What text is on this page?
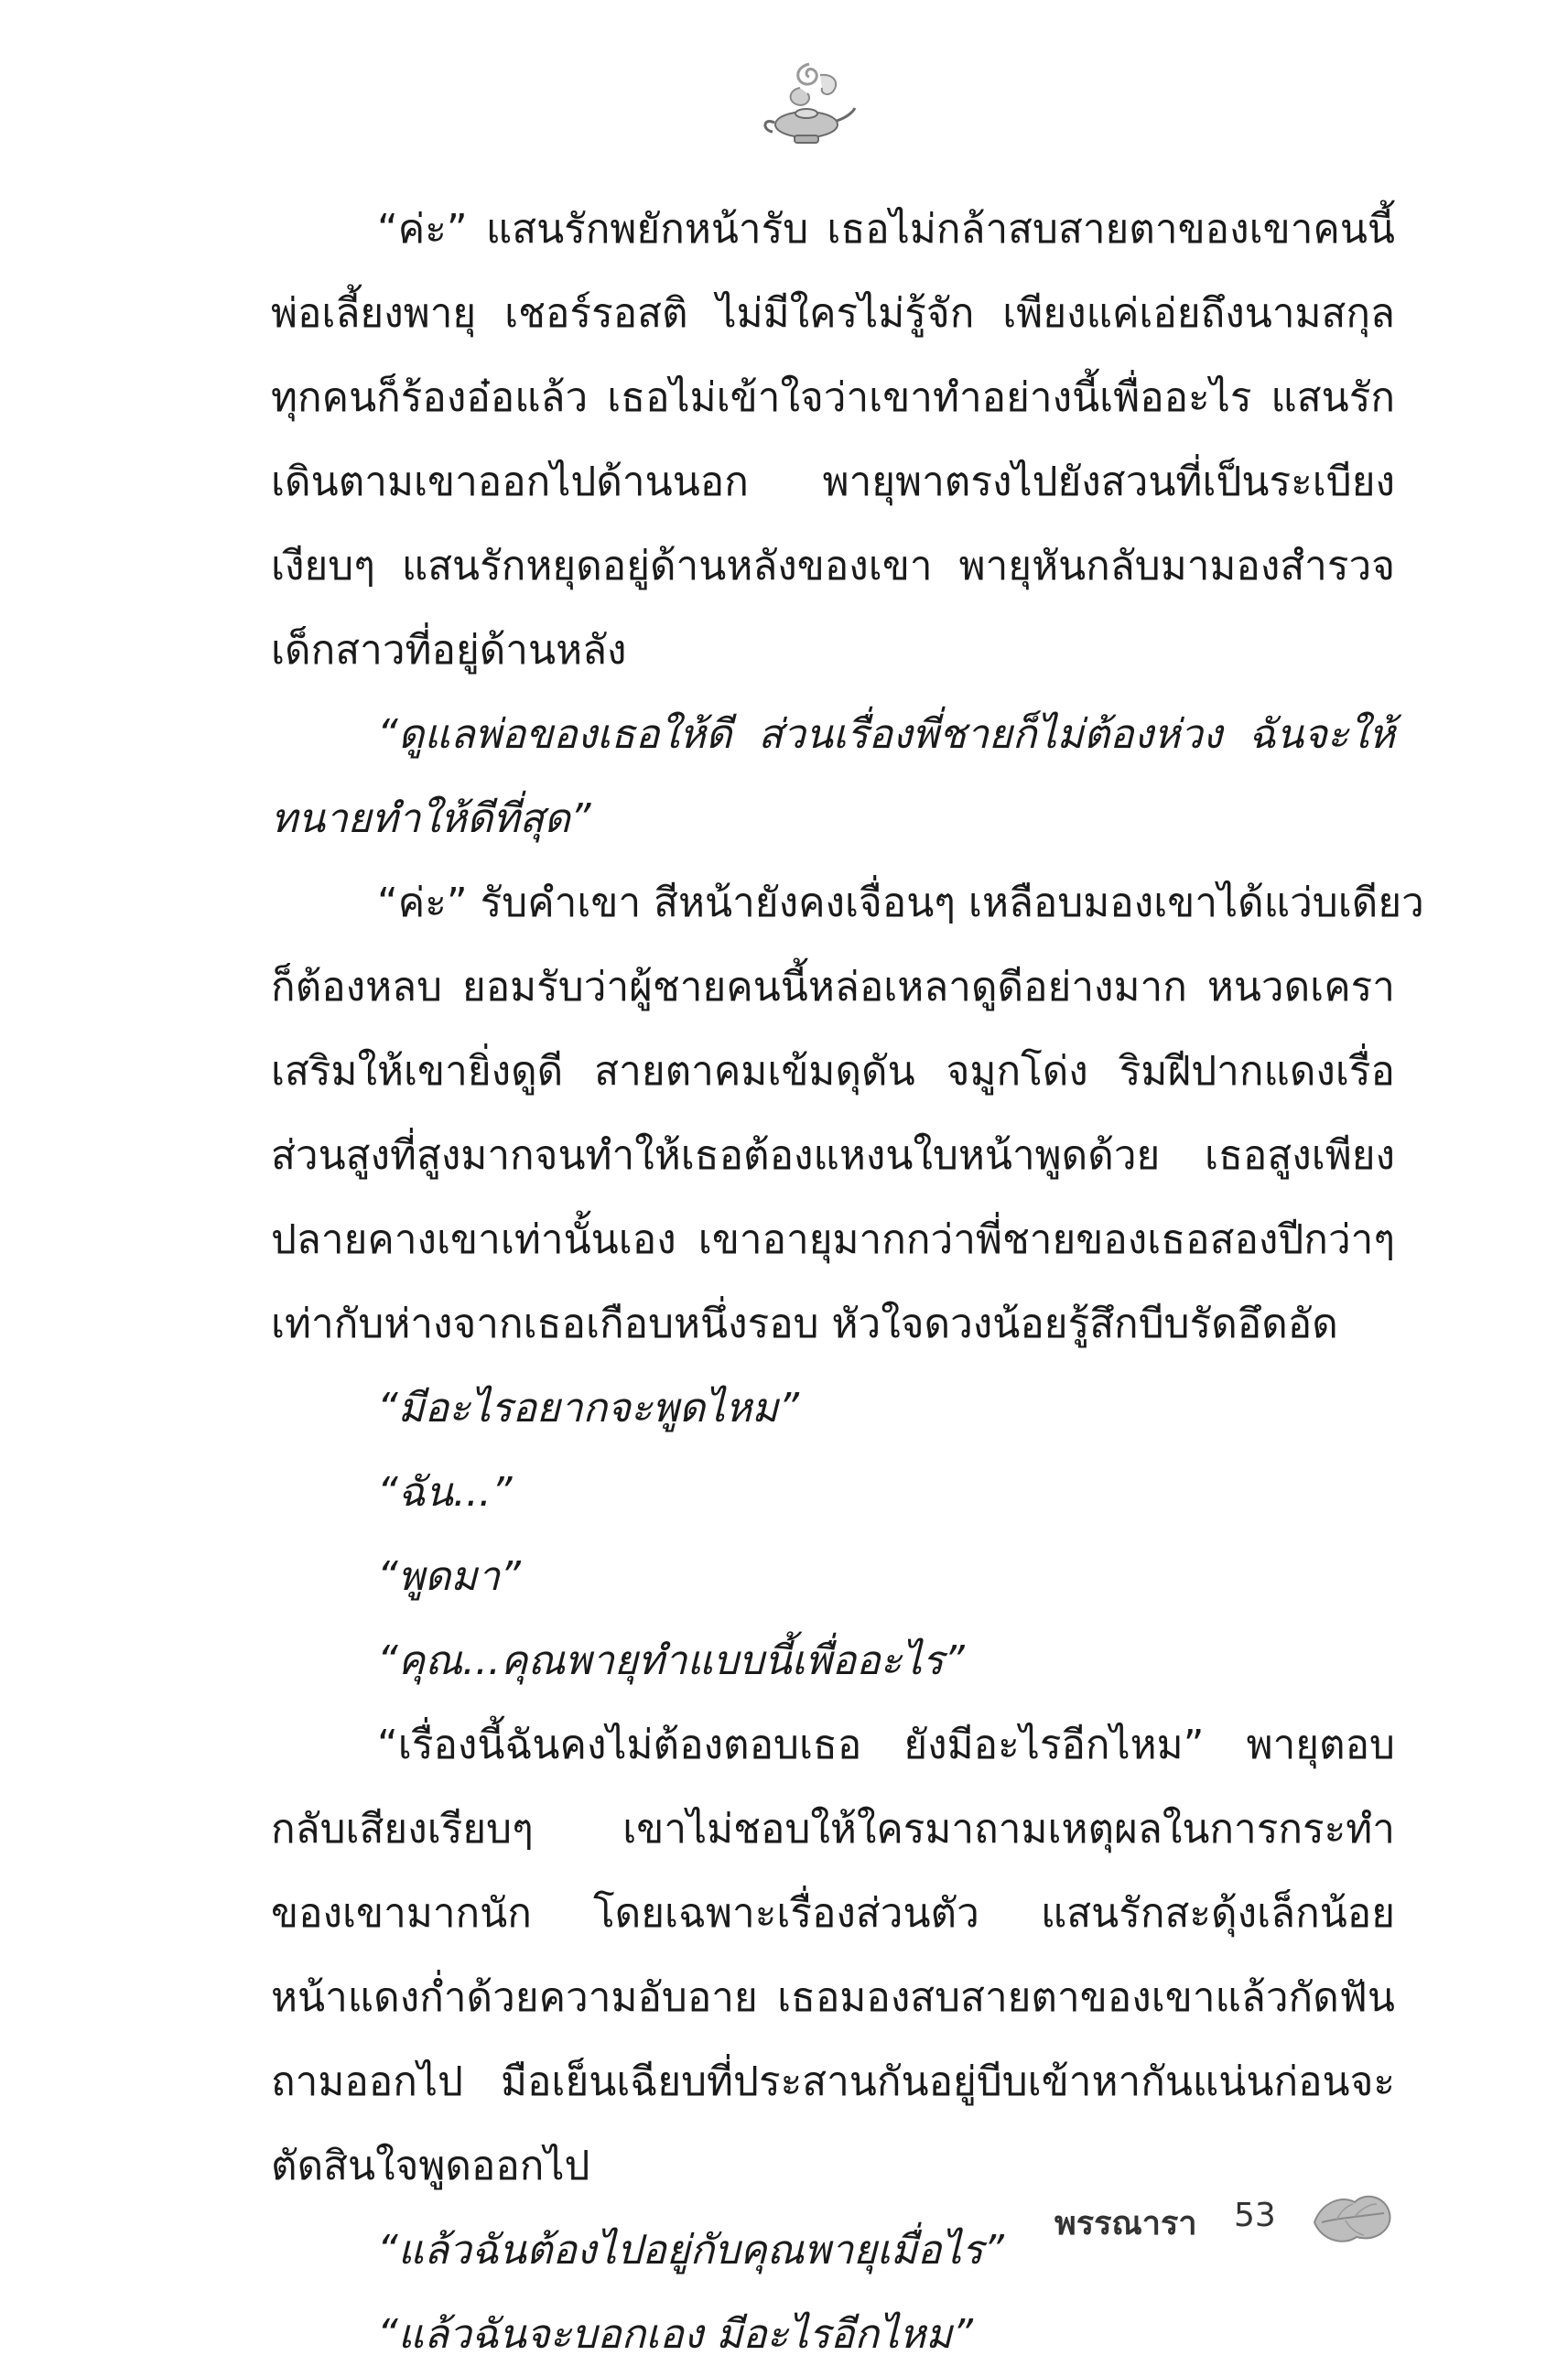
“ค่ะ” แสนรักพยักหน้ารับ เธอไม่กล้าสบสายตาของเขาคนนี้
พ่อเลี้ยงพายุ เชอร์รอสติ ไม่มีใครไม่รู้จัก เพียงแค่เอ่ยถึงนามสกุล
ทุกคนก็ร้องอ๋อแล้ว เธอไม่เข้าใจว่าเขาทำอย่างนี้เพื่ออะไร แสนรัก
เดินตามเขาออกไปด้านนอก พายุพาตรงไปยังสวนที่เป็นระเบียง
เงียบๆ แสนรักหยุดอยู่ด้านหลังของเขา พายุหันกลับมามองสำรวจ
เด็กสาวที่อยู่ด้านหลัง
“ดูแลพ่อของเธอให้ดี ส่วนเรื่องพี่ชายก็ไม่ต้องห่วง ฉันจะให้
ทนายทำให้ดีที่สุด”
“ค่ะ” รับคำเขา สีหน้ายังคงเจื่อนๆ เหลือบมองเขาได้แว่บเดียว
ก็ต้องหลบ ยอมรับว่าผู้ชายคนนี้หล่อเหลาดูดีอย่างมาก หนวดเครา
เสริมให้เขายิ่งดูดี สายตาคมเข้มดุดัน จมูกโด่ง ริมฝีปากแดงเรื่อ
ส่วนสูงที่สูงมากจนทำให้เธอต้องแหงนใบหน้าพูดด้วย เธอสูงเพียง
ปลายคางเขาเท่านั้นเอง เขาอายุมากกว่าพี่ชายของเธอสองปีกว่าๆ
เท่ากับห่างจากเธอเกือบหนึ่งรอบ หัวใจดวงน้อยรู้สึกบีบรัดอึดอัด
“มีอะไรอยากจะพูดไหม”
“ฉัน...”
“พูดมา”
“คุณ...คุณพายุทำแบบนี้เพื่ออะไร”
“เรื่องนี้ฉันคงไม่ต้องตอบเธอ ยังมีอะไรอีกไหม” พายุตอบ
กลับเสียงเรียบๆ เขาไม่ชอบให้ใครมาถามเหตุผลในการกระทำ
ของเขามากนัก โดยเฉพาะเรื่องส่วนตัว แสนรักสะดุ้งเล็กน้อย
หน้าแดงก่ำด้วยความอับอาย เธอมองสบสายตาของเขาแล้วกัดฟัน
ถามออกไป มือเย็นเฉียบที่ประสานกันอยู่บีบเข้าหากันแน่นก่อนจะ
ตัดสินใจพูดออกไป
“แล้วฉันต้องไปอยู่กับคุณพายุเมื่อไร”
“แล้วฉันจะบอกเอง มีอะไรอีกไหม”
พรรณารา 53
